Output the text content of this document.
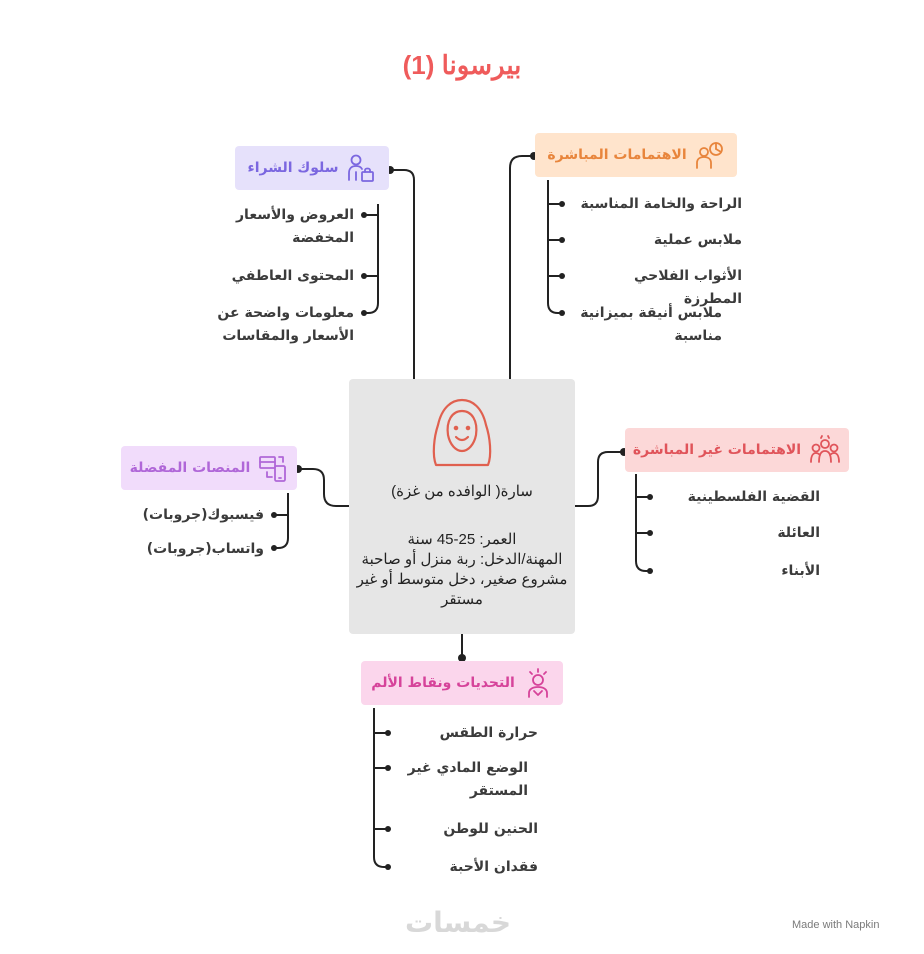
بيرسونا (1)
سارة( الوافده من غزة)
العمر: 25-45 سنة
المهنة/الدخل: ربة منزل أو صاحبة مشروع صغير، دخل متوسط أو غير مستقر
سلوك الشراء
العروض والأسعار المخفضة
المحتوى العاطفي
معلومات واضحة عن الأسعار والمقاسات
الاهتمامات المباشرة
الراحة والخامة المناسبة
ملابس عملية
الأثواب الفلاحي المطرزة
ملابس أنيقة بميزانية مناسبة
المنصات المفضلة
فيسبوك(جروبات)
واتساب(جروبات)
الاهتمامات غير المباشرة
القضية الفلسطينية
العائلة
الأبناء
التحديات ونقاط الألم
حرارة الطقس
الوضع المادي غير المستقر
الحنين للوطن
فقدان الأحبة
خمسات	Made with Napkin
